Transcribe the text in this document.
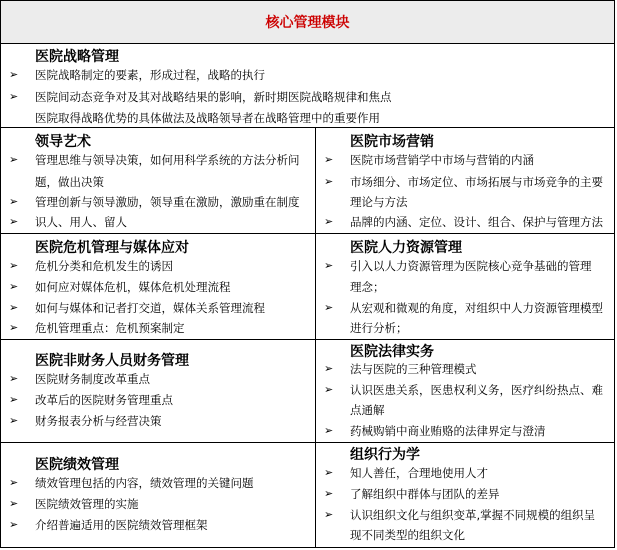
核心管理模块
医院战略管理
➢ 医院战略制定的要素，形成过程，战略的执行
➢ 医院间动态竞争对及其对战略结果的影响，新时期医院战略规律和焦点
医院取得战略优势的具体做法及战略领导者在战略管理中的重要作用
领导艺术
➢ 管理思维与领导决策，如何用科学系统的方法分析问
题，做出决策
➢ 管理创新与领导激励，领导重在激励，激励重在制度
➢ 识人、用人、留人
医院市场营销
➢ 医院市场营销学中市场与营销的内涵
➢ 市场细分、市场定位、市场拓展与市场竞争的主要
理论与方法
➢ 品牌的内涵、定位、设计、组合、保护与管理方法
医院危机管理与媒体应对
➢ 危机分类和危机发生的诱因
➢ 如何应对媒体危机，媒体危机处理流程
➢ 如何与媒体和记者打交道，媒体关系管理流程
➢ 危机管理重点：危机预案制定
医院人力资源管理
➢ 引入以人力资源管理为医院核心竞争基础的管理
理念；
➢ 从宏观和微观的角度，对组织中人力资源管理模型
进行分析；
医院非财务人员财务管理
➢ 医院财务制度改革重点
➢ 改革后的医院财务管理重点
➢ 财务报表分析与经营决策
医院法律实务
➢ 法与医院的三种管理模式
➢ 认识医患关系，医患权利义务，医疗纠纷热点、难
点通解
➢ 药械购销中商业贿赂的法律界定与澄清
医院绩效管理
➢ 绩效管理包括的内容，绩效管理的关键问题
➢ 医院绩效管理的实施
➢ 介绍普遍适用的医院绩效管理框架
组织行为学
➢ 知人善任，合理地使用人才
➢ 了解组织中群体与团队的差异
➢ 认识组织文化与组织变革,掌握不同规模的组织呈
现不同类型的组织文化
